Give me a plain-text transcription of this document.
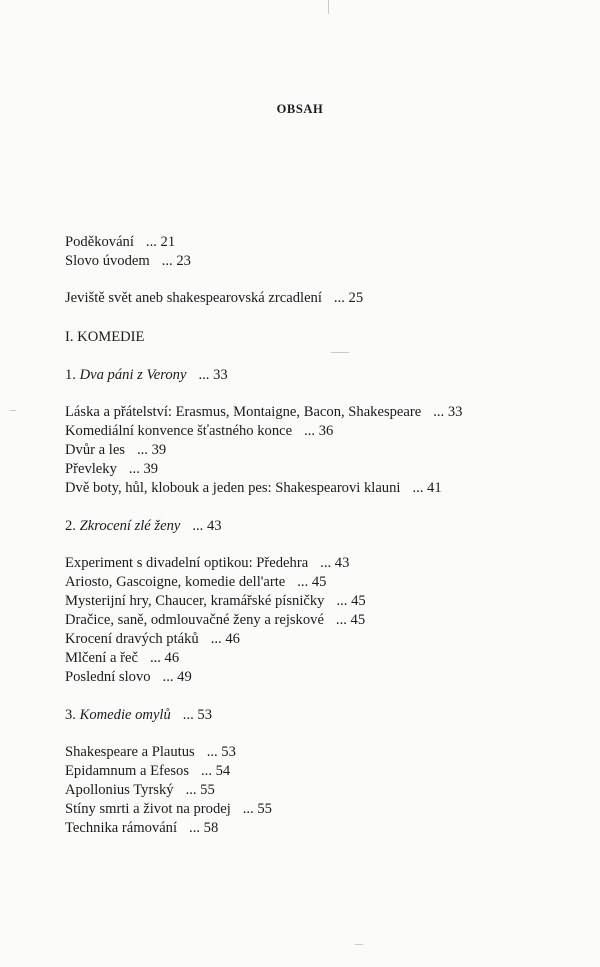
OBSAH
Poděkování ... 21
Slovo úvodem ... 23
Jeviště svět aneb shakespearovská zrcadlení ... 25
I. KOMEDIE
1. Dva páni z Verony ... 33
Láska a přátelství: Erasmus, Montaigne, Bacon, Shakespeare ... 33
Komediální konvence šťastného konce ... 36
Dvůr a les ... 39
Převleky ... 39
Dvě boty, hůl, klobouk a jeden pes: Shakespearovi klauni ... 41
2. Zkrocení zlé ženy ... 43
Experiment s divadelní optikou: Předehra ... 43
Ariosto, Gascoigne, komedie dell'arte ... 45
Mysterijní hry, Chaucer, kramářské písničky ... 45
Dračice, saně, odmlouvačné ženy a rejskové ... 45
Krocení dravých ptáků ... 46
Mlčení a řeč ... 46
Poslední slovo ... 49
3. Komedie omylů ... 53
Shakespeare a Plautus ... 53
Epidamnum a Efesos ... 54
Apollonius Tyrský ... 55
Stíny smrti a život na prodej ... 55
Technika rámování ... 58
